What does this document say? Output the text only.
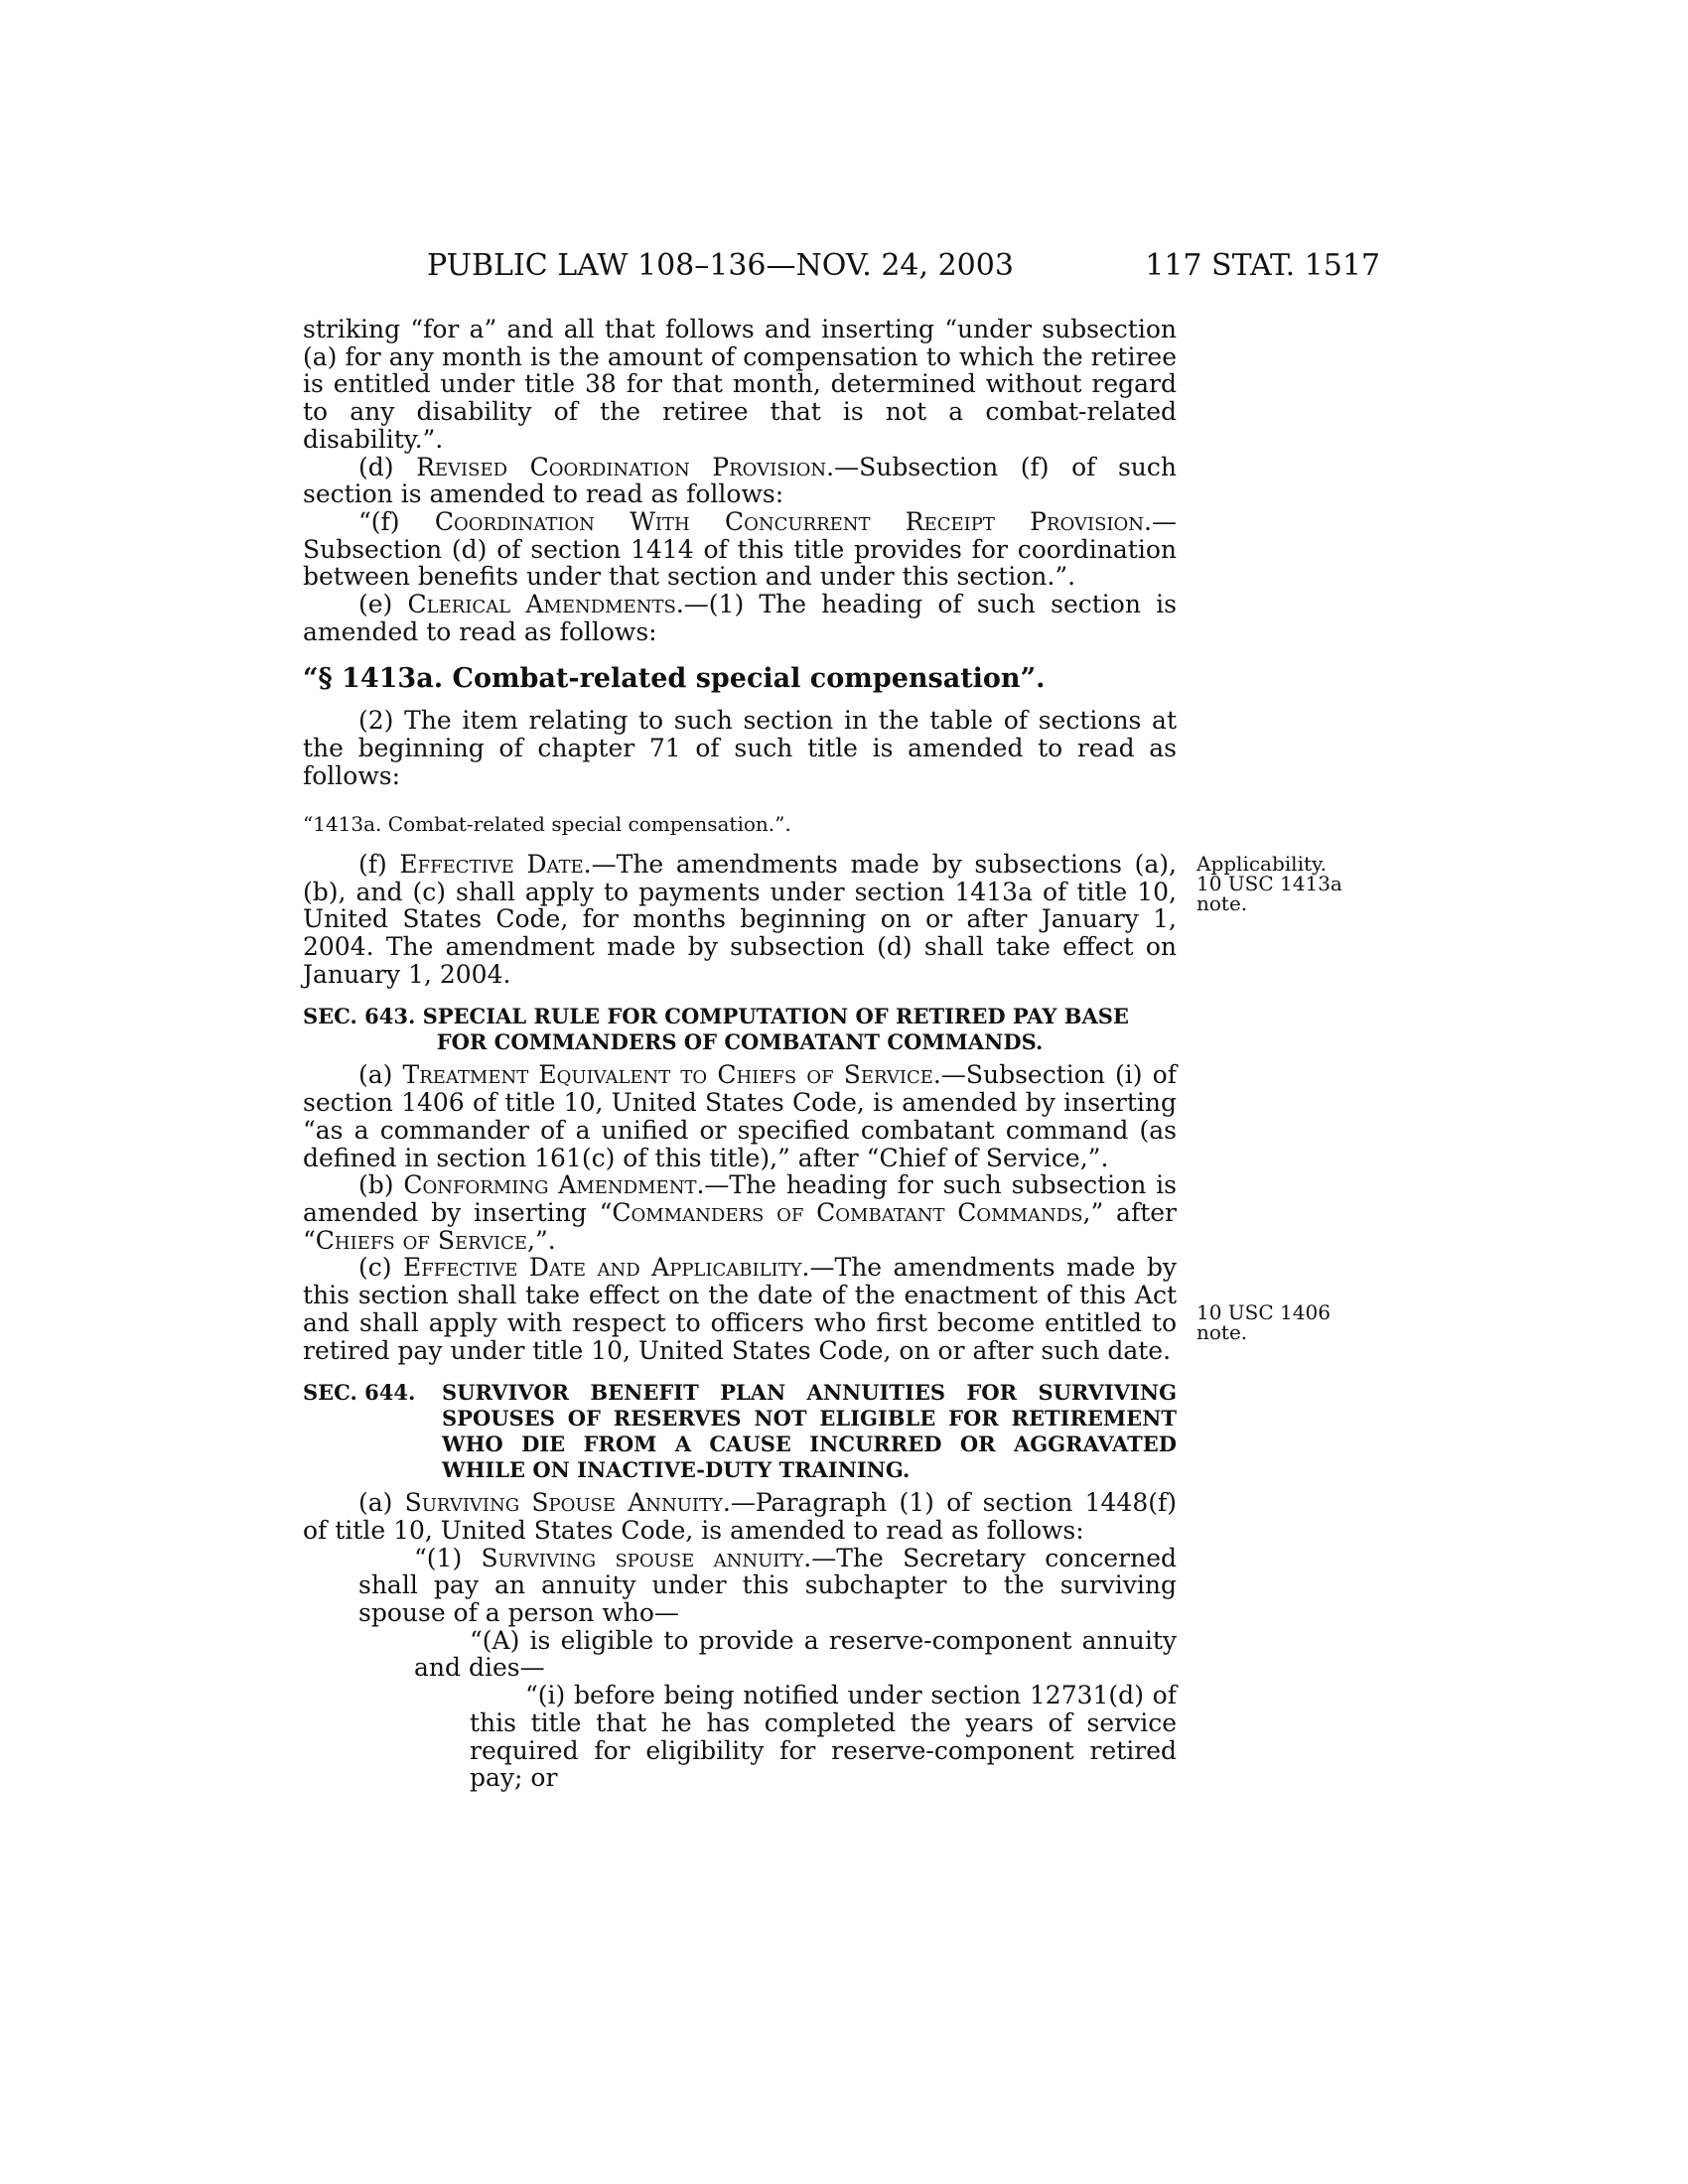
PUBLIC LAW 108–136—NOV. 24, 2003	117 STAT. 1517

striking “for a” and all that follows and inserting “under subsection (a) for any month is the amount of compensation to which the retiree is entitled under title 38 for that month, determined without regard to any disability of the retiree that is not a combat-related disability.”.

(d) Revised Coordination Provision.—Subsection (f) of such section is amended to read as follows:

“(f) Coordination With Concurrent Receipt Provision.— Subsection (d) of section 1414 of this title provides for coordination between benefits under that section and under this section.”.

(e) Clerical Amendments.—(1) The heading of such section is amended to read as follows:

“§ 1413a. Combat-related special compensation”.

(2) The item relating to such section in the table of sections at the beginning of chapter 71 of such title is amended to read as follows:

“1413a. Combat-related special compensation.”.

(f) Effective Date.—The amendments made by subsections (a), (b), and (c) shall apply to payments under section 1413a of title 10, United States Code, for months beginning on or after January 1, 2004. The amendment made by subsection (d) shall take effect on January 1, 2004.

SEC. 643. SPECIAL RULE FOR COMPUTATION OF RETIRED PAY BASE
FOR COMMANDERS OF COMBATANT COMMANDS.

(a) Treatment Equivalent to Chiefs of Service.—Subsection (i) of section 1406 of title 10, United States Code, is amended by inserting “as a commander of a unified or specified combatant command (as defined in section 161(c) of this title),” after “Chief of Service,”.

(b) Conforming Amendment.—The heading for such subsection is amended by inserting “Commanders of Combatant Commands,” after “Chiefs of Service,”.

(c) Effective Date and Applicability.—The amendments made by this section shall take effect on the date of the enactment of this Act and shall apply with respect to officers who first become entitled to retired pay under title 10, United States Code, on or after such date.

SEC. 644.	SURVIVOR BENEFIT PLAN ANNUITIES FOR SURVIVING SPOUSES OF RESERVES NOT ELIGIBLE FOR RETIREMENT WHO DIE FROM A CAUSE INCURRED OR AGGRAVATED WHILE ON INACTIVE-DUTY TRAINING.

(a) Surviving Spouse Annuity.—Paragraph (1) of section 1448(f) of title 10, United States Code, is amended to read as follows:

“(1) Surviving spouse annuity.—The Secretary concerned shall pay an annuity under this subchapter to the surviving spouse of a person who—

“(A) is eligible to provide a reserve-component annuity and dies—

“(i) before being notified under section 12731(d) of this title that he has completed the years of service required for eligibility for reserve-component retired pay; or

Applicability.
10 USC 1413a
note.
10 USC 1406
note.
